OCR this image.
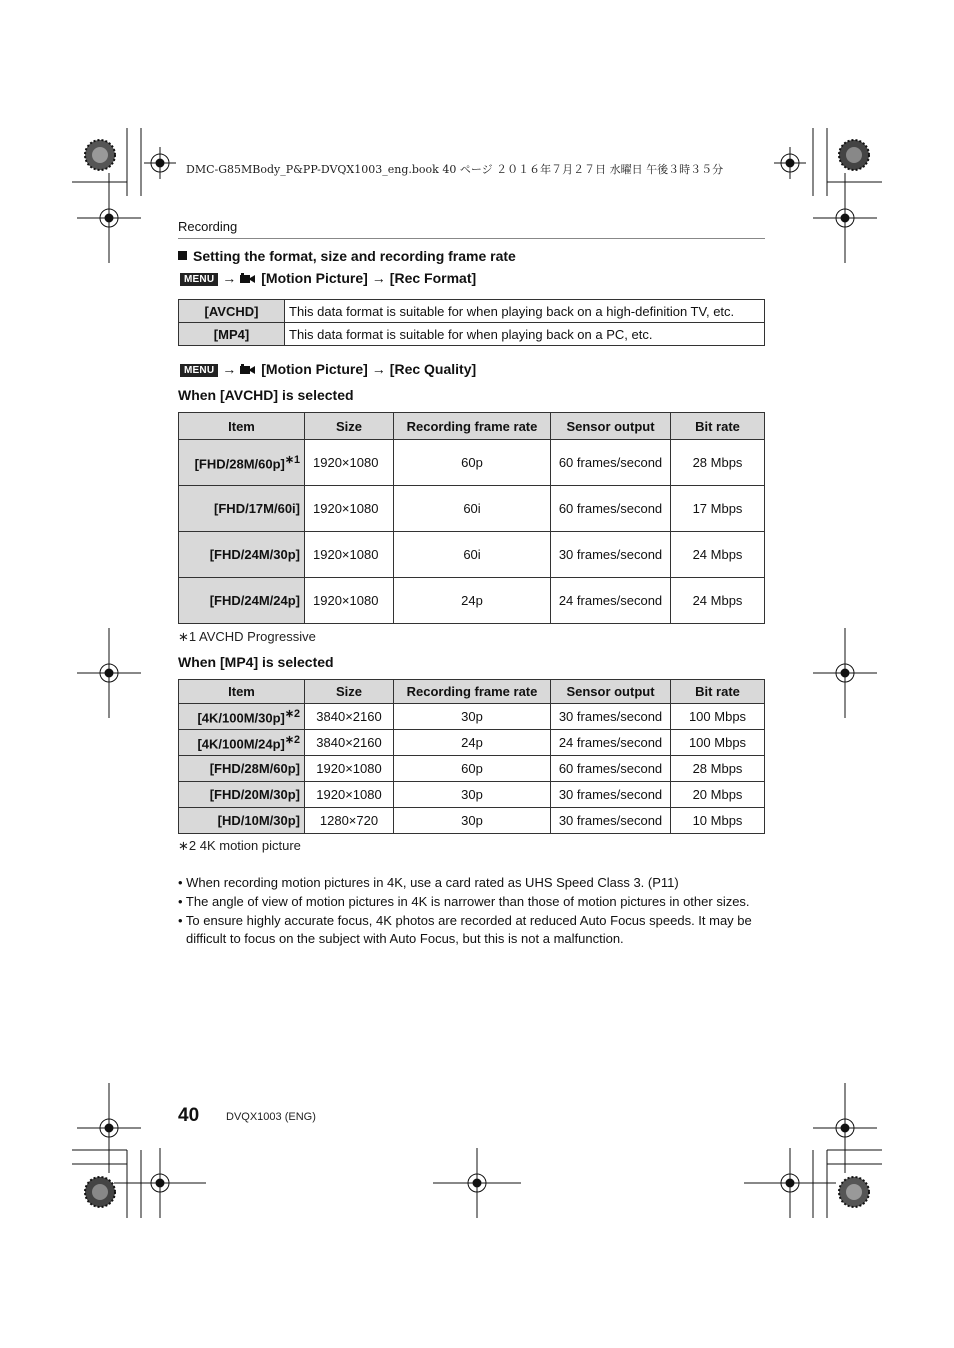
DMC-G85MBody_P&PP-DVQX1003_eng.book 40 ページ ２０１６年７月２７日 水曜日 午後３時３５分
Recording
Setting the format, size and recording frame rate
MENU → [Motion Picture] → [Rec Format]
[AVCHD]	This data format is suitable for when playing back on a high-definition TV, etc.
[MP4]	This data format is suitable for when playing back on a PC, etc.
MENU → [Motion Picture] → [Rec Quality]
When [AVCHD] is selected
Item	Size	Recording frame rate	Sensor output	Bit rate
$[FHD/28M/60p]^{∗1}$	1920×1080	60p	60 frames/second	28 Mbps
[FHD/17M/60i]	1920×1080	60i	60 frames/second	17 Mbps
[FHD/24M/30p]	1920×1080	60i	30 frames/second	24 Mbps
[FHD/24M/24p]	1920×1080	24p	24 frames/second	24 Mbps
∗1 AVCHD Progressive
When [MP4] is selected
Item	Size	Recording frame rate	Sensor output	Bit rate
$[4K/100M/30p]^{∗2}$	3840×2160	30p	30 frames/second	100 Mbps
$[4K/100M/24p]^{∗2}$	3840×2160	24p	24 frames/second	100 Mbps
[FHD/28M/60p]	1920×1080	60p	60 frames/second	28 Mbps
[FHD/20M/30p]	1920×1080	30p	30 frames/second	20 Mbps
[HD/10M/30p]	1280×720	30p	30 frames/second	10 Mbps
∗2 4K motion picture
• When recording motion pictures in 4K, use a card rated as UHS Speed Class 3. (P11)
• The angle of view of motion pictures in 4K is narrower than those of motion pictures in other sizes.
• To ensure highly accurate focus, 4K photos are recorded at reduced Auto Focus speeds. It may be difficult to focus on the subject with Auto Focus, but this is not a malfunction.
40 DVQX1003 (ENG)
